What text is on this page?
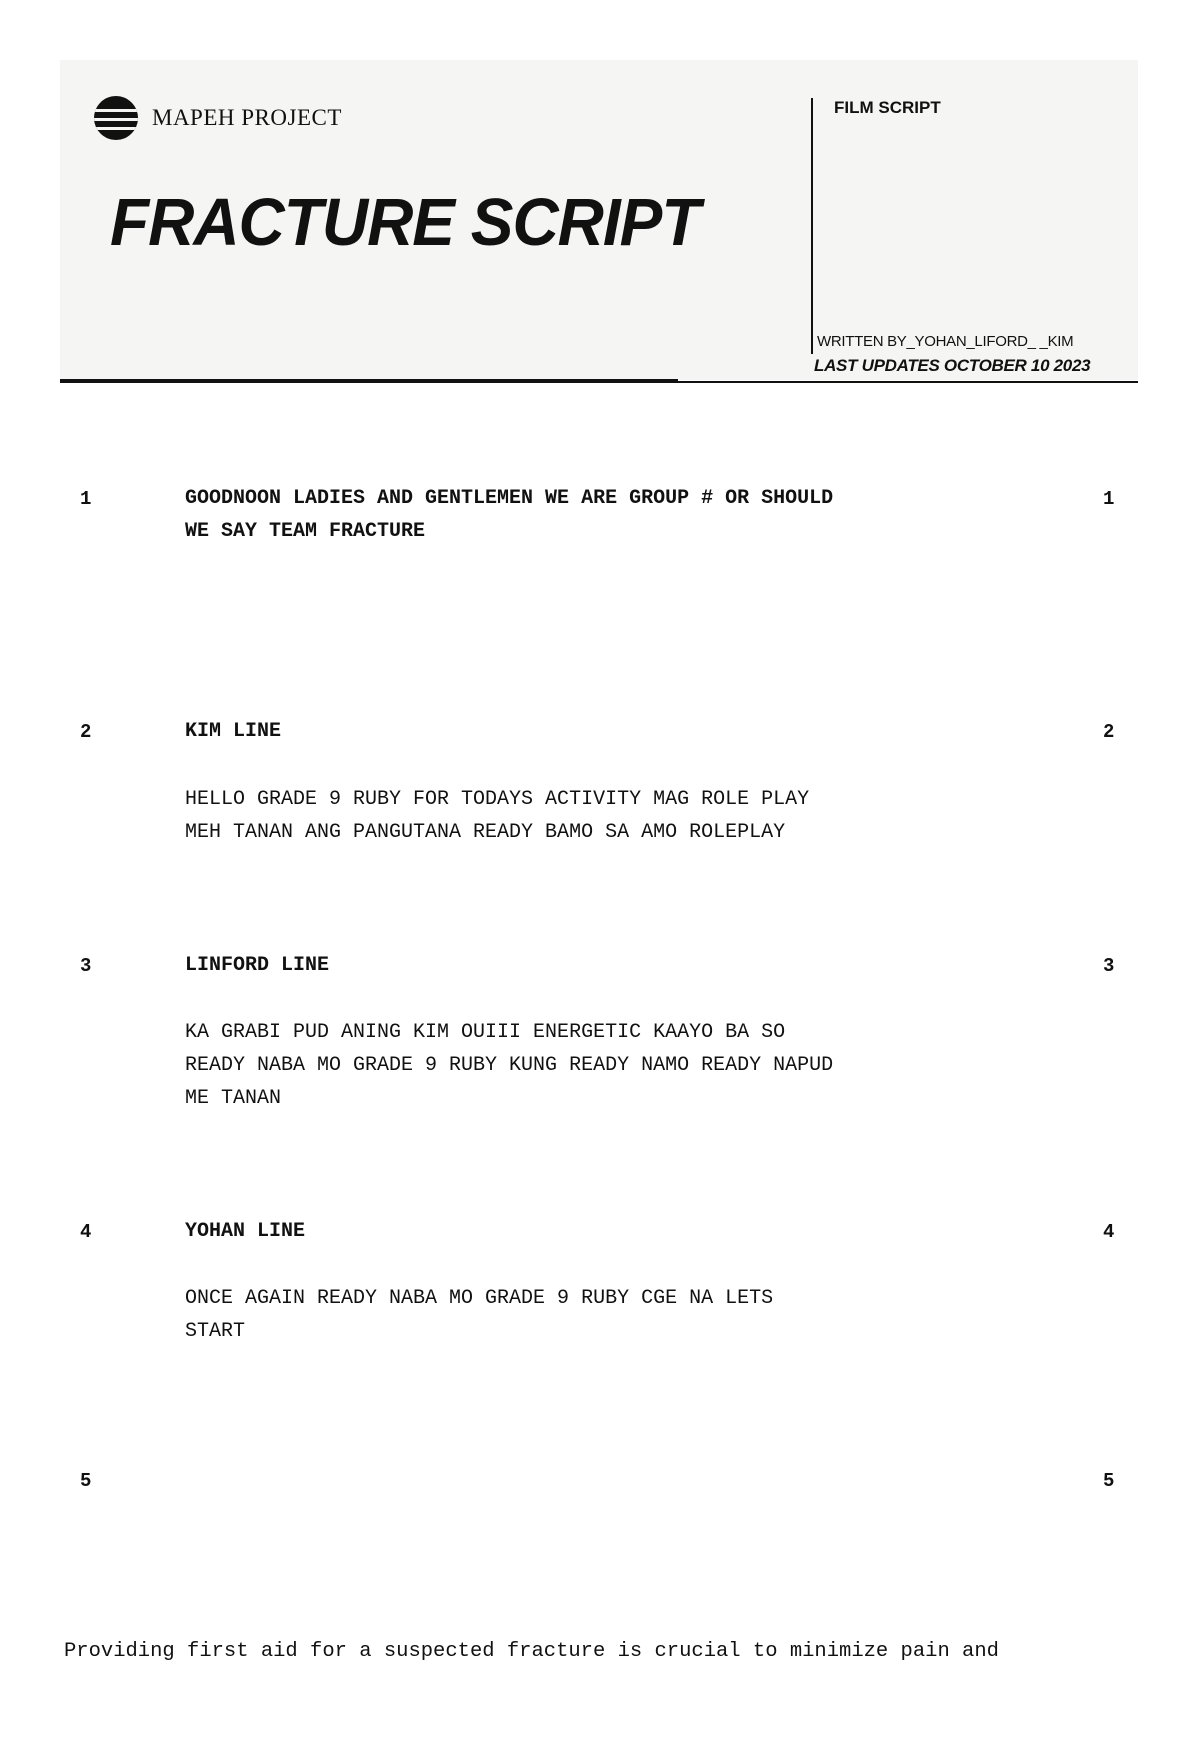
MAPEH PROJECT
FRACTURE SCRIPT
FILM SCRIPT
WRITTEN BY_YOHAN_LIFORD_ _KIM
LAST UPDATES OCTOBER 10 2023
1	1
GOODNOON LADIES AND GENTLEMEN WE ARE GROUP # OR SHOULD
WE SAY TEAM FRACTURE
2	2
KIM LINE
HELLO GRADE 9 RUBY FOR TODAYS ACTIVITY MAG ROLE PLAY
MEH TANAN ANG PANGUTANA READY BAMO SA AMO ROLEPLAY
3	3
LINFORD LINE
KA GRABI PUD ANING KIM OUIII ENERGETIC KAAYO BA SO
READY NABA MO GRADE 9 RUBY KUNG READY NAMO READY NAPUD
ME TANAN
4	4
YOHAN LINE
ONCE AGAIN READY NABA MO GRADE 9 RUBY CGE NA LETS
START
5	5
Providing first aid for a suspected fracture is crucial to minimize pain and
